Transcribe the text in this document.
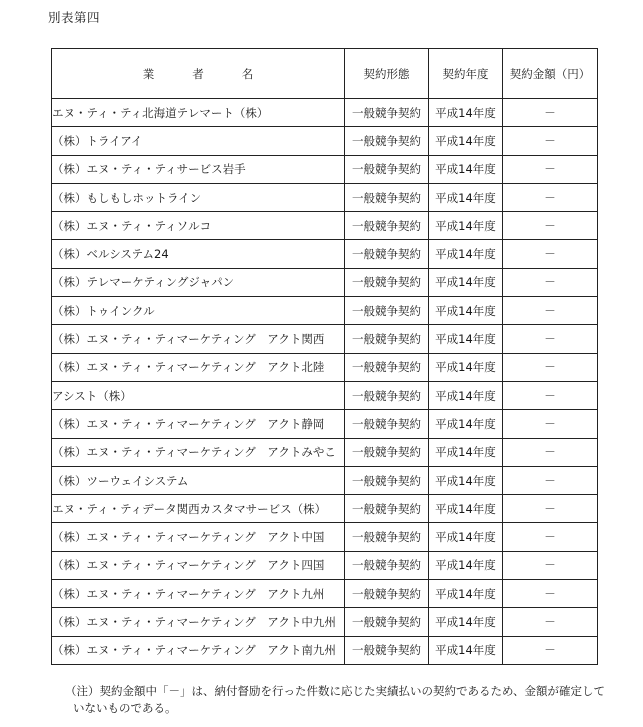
別表第四
業者名	契約形態	契約年度	契約金額（円）
エヌ・ティ・ティ北海道テレマート（株）	一般競争契約	平成14年度	－
（株）トライアイ	一般競争契約	平成14年度	－
（株）エヌ・ティ・ティサービス岩手	一般競争契約	平成14年度	－
（株）もしもしホットライン	一般競争契約	平成14年度	－
（株）エヌ・ティ・ティソルコ	一般競争契約	平成14年度	－
（株）ベルシステム24	一般競争契約	平成14年度	－
（株）テレマーケティングジャパン	一般競争契約	平成14年度	－
（株）トゥインクル	一般競争契約	平成14年度	－
（株）エヌ・ティ・ティマーケティング　アクト関西	一般競争契約	平成14年度	－
（株）エヌ・ティ・ティマーケティング　アクト北陸	一般競争契約	平成14年度	－
アシスト（株）	一般競争契約	平成14年度	－
（株）エヌ・ティ・ティマーケティング　アクト静岡	一般競争契約	平成14年度	－
（株）エヌ・ティ・ティマーケティング　アクトみやこ	一般競争契約	平成14年度	－
（株）ツーウェイシステム	一般競争契約	平成14年度	－
エヌ・ティ・ティデータ関西カスタマサービス（株）	一般競争契約	平成14年度	－
（株）エヌ・ティ・ティマーケティング　アクト中国	一般競争契約	平成14年度	－
（株）エヌ・ティ・ティマーケティング　アクト四国	一般競争契約	平成14年度	－
（株）エヌ・ティ・ティマーケティング　アクト九州	一般競争契約	平成14年度	－
（株）エヌ・ティ・ティマーケティング　アクト中九州	一般競争契約	平成14年度	－
（株）エヌ・ティ・ティマーケティング　アクト南九州	一般競争契約	平成14年度	－
（注）契約金額中「－」は、納付督励を行った件数に応じた実績払いの契約であるため、金額が確定していないものである。
